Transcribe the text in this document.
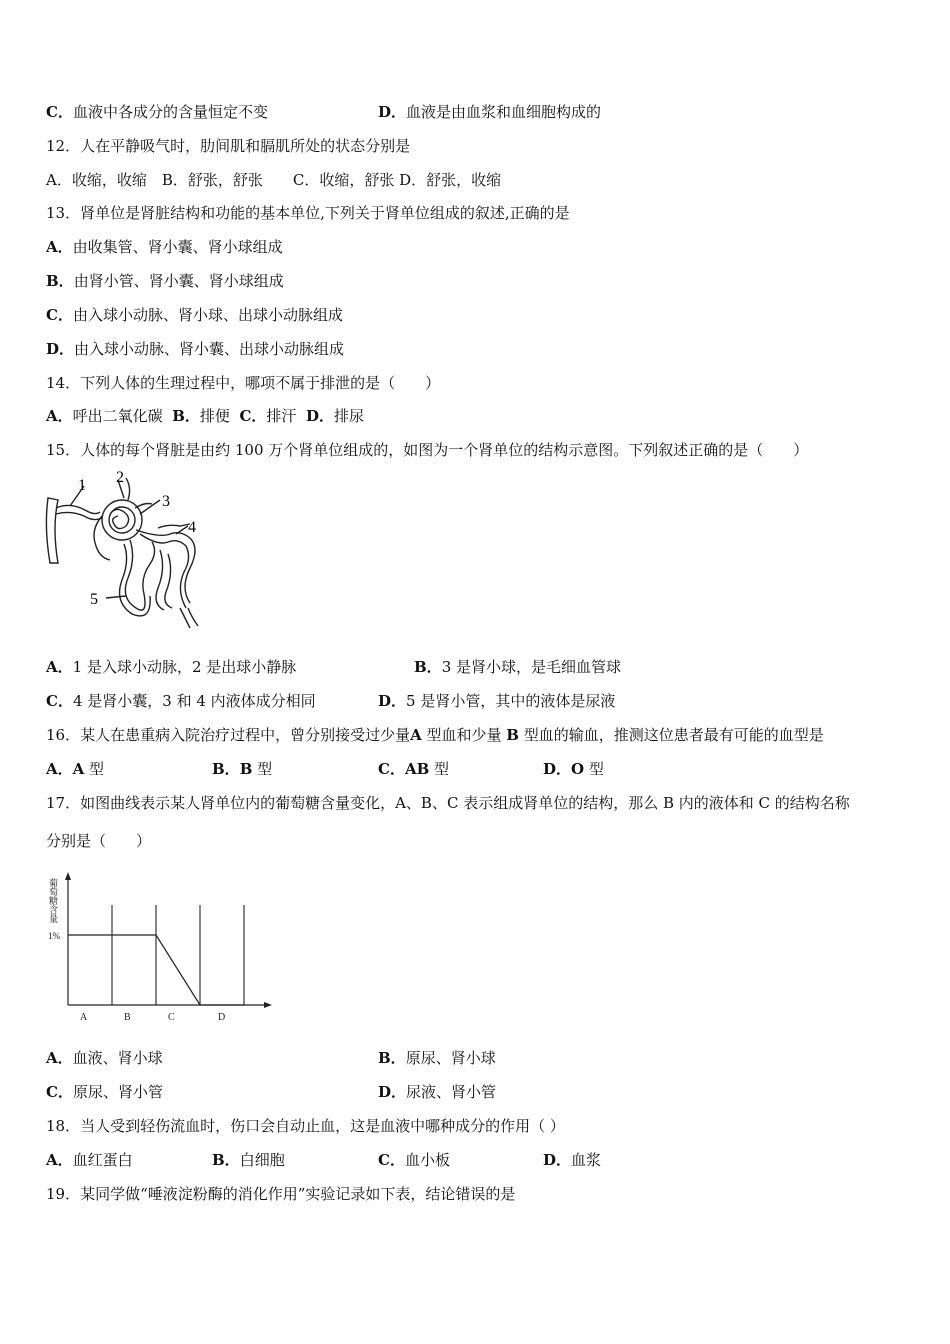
C．血液中各成分的含量恒定不变	D．血液是由血浆和血细胞构成的
12．人在平静吸气时，肋间肌和膈肌所处的状态分别是
A．收缩，收缩　B．舒张，舒张　　C．收缩，舒张 D．舒张，收缩
13．肾单位是肾脏结构和功能的基本单位,下列关于肾单位组成的叙述,正确的是
A．由收集管、肾小囊、肾小球组成
B．由肾小管、肾小囊、肾小球组成
C．由入球小动脉、肾小球、出球小动脉组成
D．由入球小动脉、肾小囊、出球小动脉组成
14．下列人体的生理过程中，哪项不属于排泄的是（　　）
A．呼出二氧化碳 B．排便 C．排汗 D．排尿
15．人体的每个肾脏是由约 100 万个肾单位组成的，如图为一个肾单位的结构示意图。下列叙述正确的是（　　）
1 2
3
4
5
A．1 是入球小动脉，2 是出球小静脉	B．3 是肾小球，是毛细血管球
C．4 是肾小囊，3 和 4 内液体成分相同	D．5 是肾小管，其中的液体是尿液
16．某人在患重病入院治疗过程中，曾分别接受过少量A 型血和少量 B 型血的输血，推测这位患者最有可能的血型是
A．A 型	B．B 型	C．AB 型	D．O 型
17．如图曲线表示某人肾单位内的葡萄糖含量变化，A、B、C 表示组成肾单位的结构，那么 B 内的液体和 C 的结构名称
分别是（　　）
A	B	C	D
1%
葡萄糖含量
A．血液、肾小球	B．原尿、肾小球
C．原尿、肾小管	D．尿液、肾小管
18．当人受到轻伤流血时，伤口会自动止血，这是血液中哪种成分的作用（ ）
A．血红蛋白	B．白细胞	C．血小板	D．血浆
19．某同学做“唾液淀粉酶的消化作用”实验记录如下表，结论错误的是
